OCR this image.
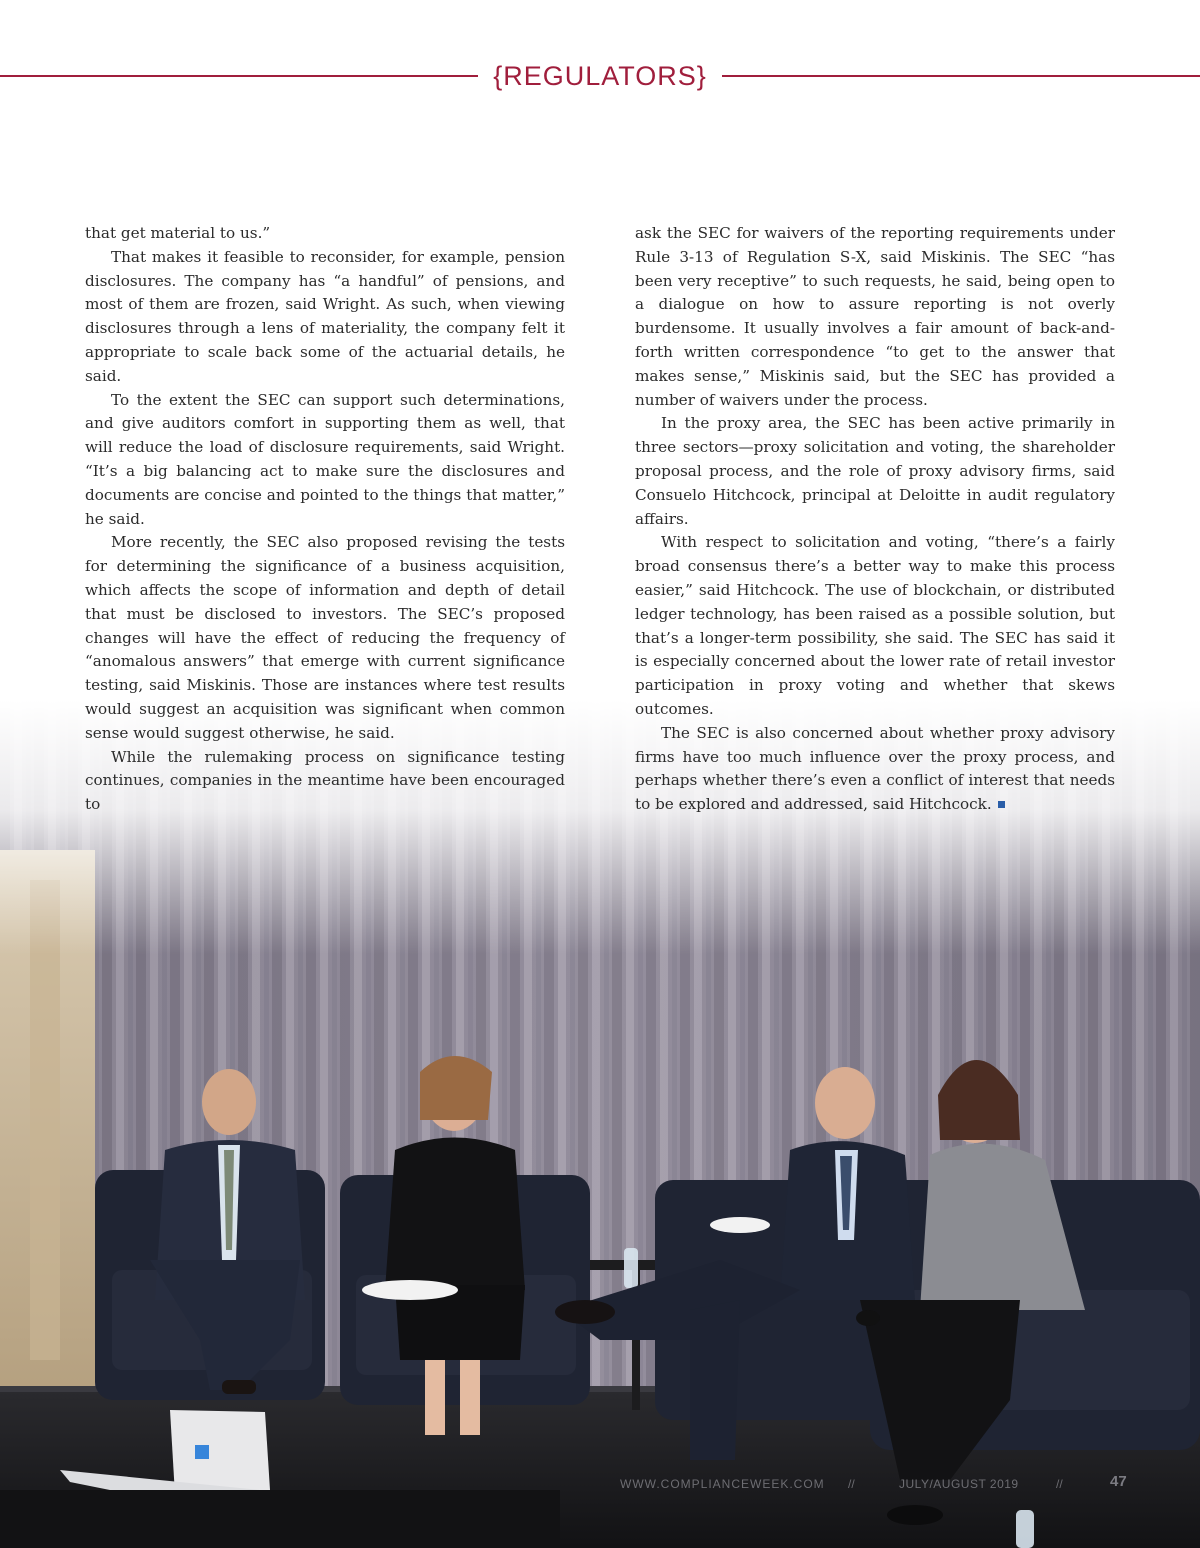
{REGULATORS}

that get material to us.”

That makes it feasible to reconsider, for example, pension disclosures. The company has “a handful” of pensions, and most of them are frozen, said Wright. As such, when viewing disclosures through a lens of materiality, the company felt it appropriate to scale back some of the actuarial details, he said.

To the extent the SEC can support such determinations, and give auditors comfort in supporting them as well, that will reduce the load of disclosure requirements, said Wright. “It’s a big balancing act to make sure the disclosures and documents are concise and pointed to the things that matter,” he said.

More recently, the SEC also proposed revising the tests for determining the significance of a business acquisition, which affects the scope of information and depth of detail that must be disclosed to investors. The SEC’s proposed changes will have the effect of reducing the frequency of “anomalous answers” that emerge with current significance testing, said Miskinis. Those are instances where test results would suggest an acquisition was significant when common sense would suggest otherwise, he said.

While the rulemaking process on significance testing continues, companies in the meantime have been encouraged to

ask the SEC for waivers of the reporting requirements under Rule 3-13 of Regulation S-X, said Miskinis. The SEC “has been very receptive” to such requests, he said, being open to a dialogue on how to assure reporting is not overly burdensome. It usually involves a fair amount of back-and-forth written correspondence “to get to the answer that makes sense,” Miskinis said, but the SEC has provided a number of waivers under the process.

In the proxy area, the SEC has been active primarily in three sectors—proxy solicitation and voting, the shareholder proposal process, and the role of proxy advisory firms, said Consuelo Hitchcock, principal at Deloitte in audit regulatory affairs.

With respect to solicitation and voting, “there’s a fairly broad consensus there’s a better way to make this process easier,” said Hitchcock. The use of blockchain, or distributed ledger technology, has been raised as a possible solution, but that’s a longer-term possibility, she said. The SEC has said it is especially concerned about the lower rate of retail investor participation in proxy voting and whether that skews outcomes.

The SEC is also concerned about whether proxy advisory firms have too much influence over the proxy process, and perhaps whether there’s even a conflict of interest that needs to be explored and addressed, said Hitchcock.

WWW.COMPLIANCEWEEK.COM //	JULY/AUGUST 2019	//	47
